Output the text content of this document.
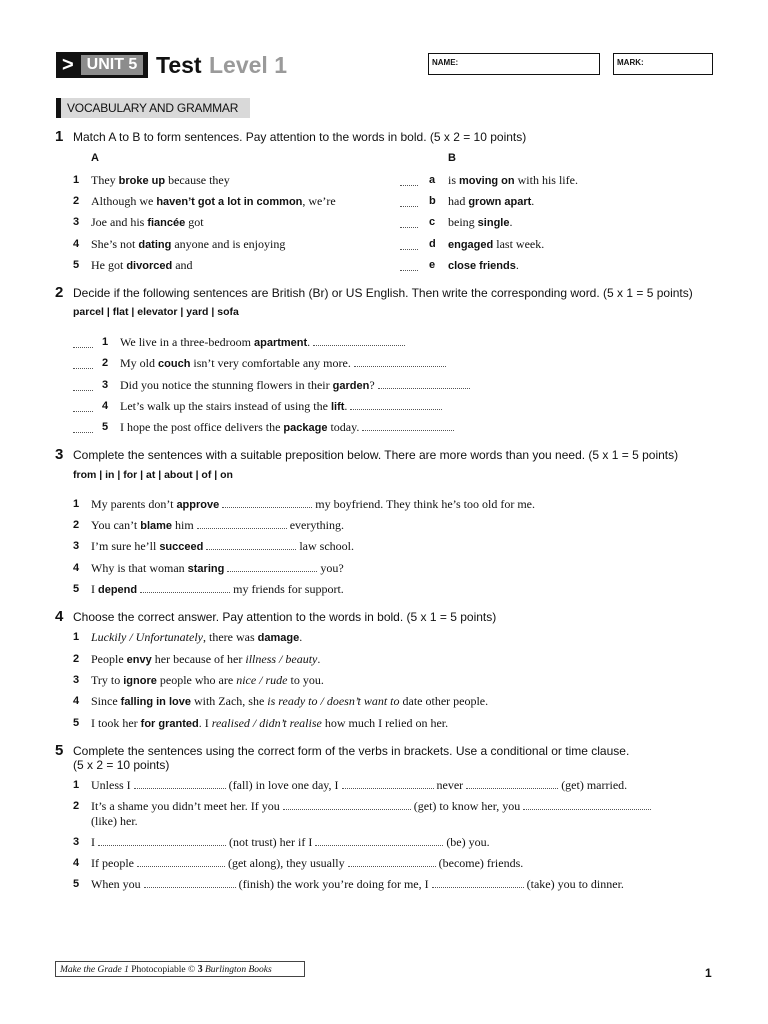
> UNIT 5 Test Level 1	NAME:	MARK:
VOCABULARY AND GRAMMAR
1 Match A to B to form sentences. Pay attention to the words in bold. (5 x 2 = 10 points)
A	B
1 They broke up because they	a is moving on with his life.
2 Although we haven’t got a lot in common, we’re	b had grown apart.
3 Joe and his fiancée got	c being single.
4 She’s not dating anyone and is enjoying	d engaged last week.
5 He got divorced and	e close friends.
2 Decide if the following sentences are British (Br) or US English. Then write the corresponding word. (5 x 1 = 5 points)
parcel | flat | elevator | yard | sofa
1 We live in a three-bedroom apartment.
2 My old couch isn’t very comfortable any more.
3 Did you notice the stunning flowers in their garden?
4 Let’s walk up the stairs instead of using the lift.
5 I hope the post office delivers the package today.
3 Complete the sentences with a suitable preposition below. There are more words than you need. (5 x 1 = 5 points)
from | in | for | at | about | of | on
1 My parents don’t approve	my boyfriend. They think he’s too old for me.
2 You can’t blame him	everything.
3 I’m sure he’ll succeed	law school.
4 Why is that woman staring	you?
5 I depend	my friends for support.
4 Choose the correct answer. Pay attention to the words in bold. (5 x 1 = 5 points)
1 Luckily / Unfortunately, there was damage.
2 People envy her because of her illness / beauty.
3 Try to ignore people who are nice / rude to you.
4 Since falling in love with Zach, she is ready to / doesn’t want to date other people.
5 I took her for granted. I realised / didn’t realise how much I relied on her.
5 Complete the sentences using the correct form of the verbs in brackets. Use a conditional or time clause.
(5 x 2 = 10 points)
1 Unless I	(fall) in love one day, I	never	(get) married.
2 It’s a shame you didn’t meet her. If you	(get) to know her, you
(like) her.
3 I	(not trust) her if I	(be) you.
4 If people	(get along), they usually	(become) friends.
5 When you	(finish) the work you’re doing for me, I	(take) you to dinner.
Make the Grade 1 Photocopiable © 3 Burlington Books	1
